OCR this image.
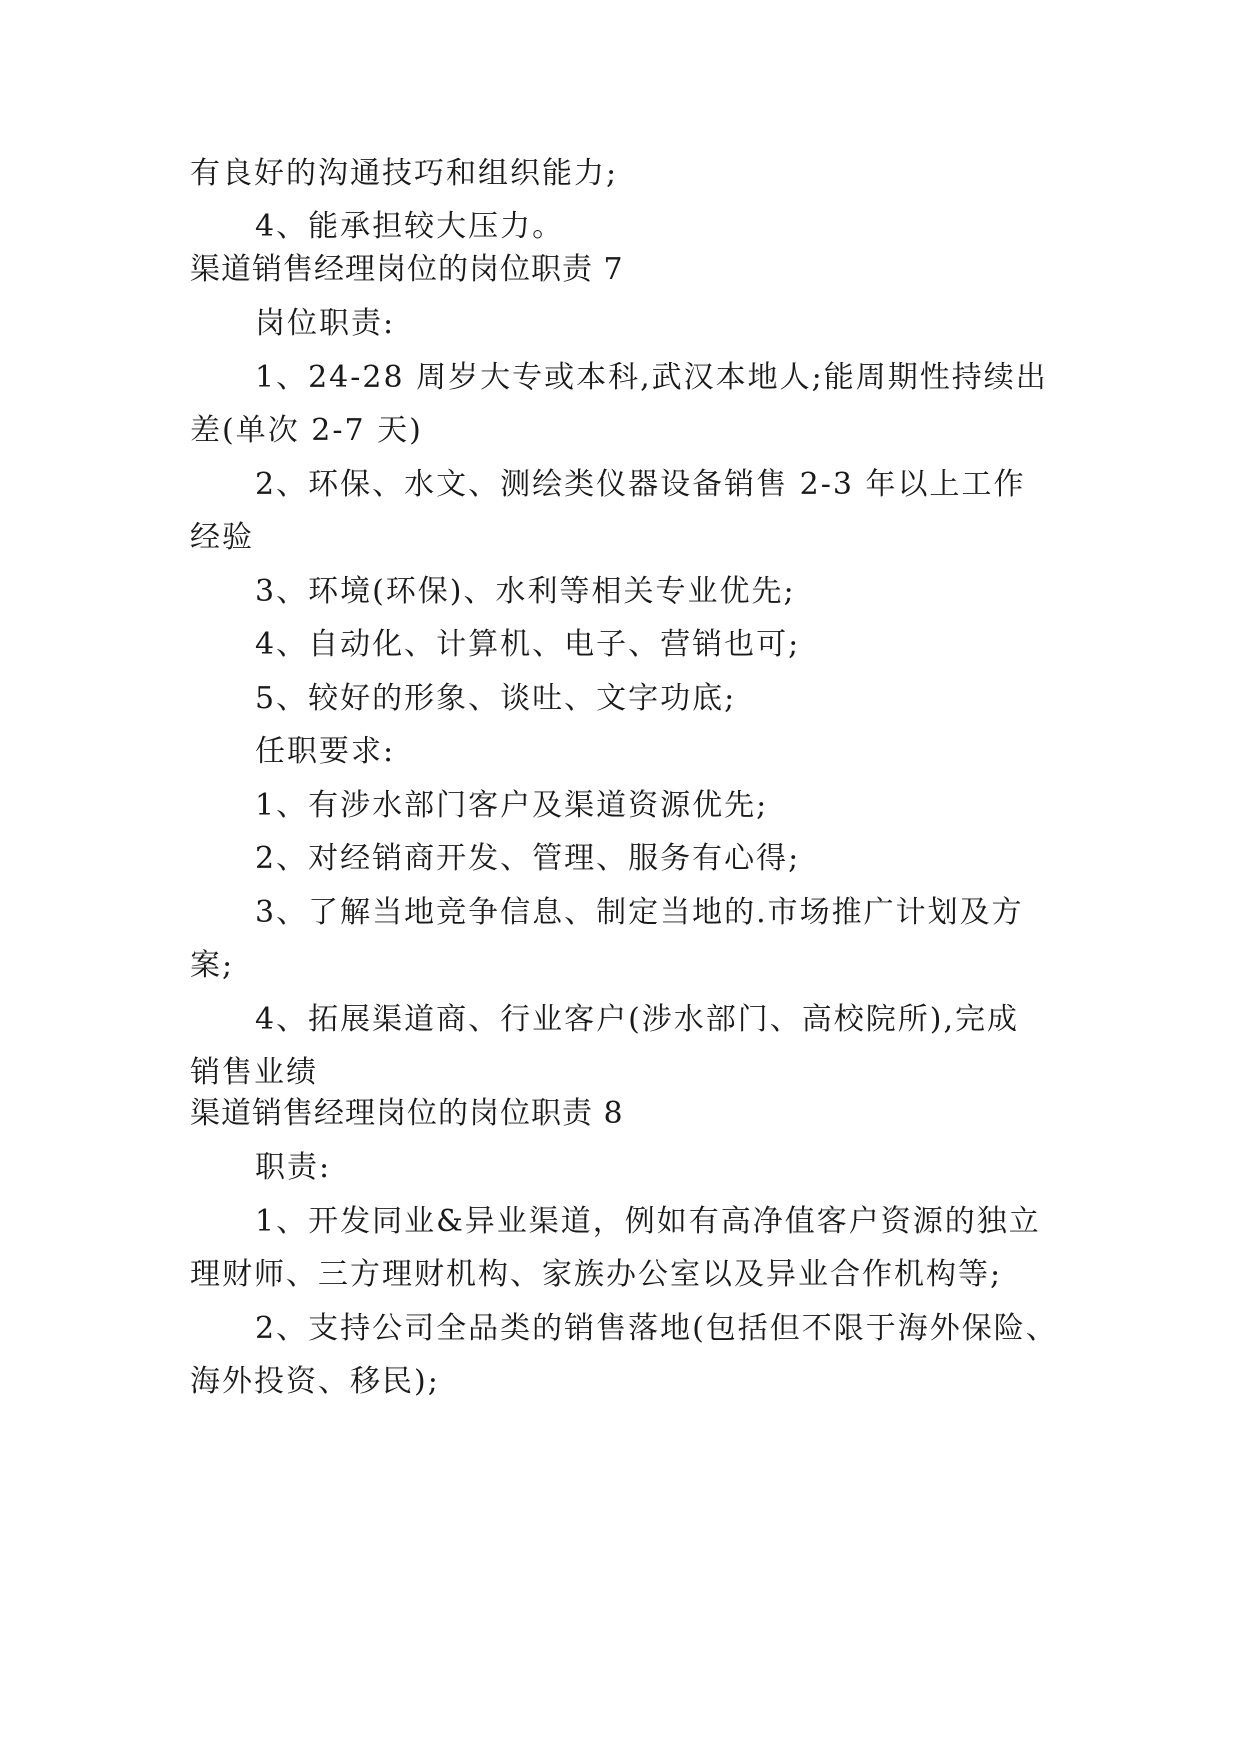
有良好的沟通技巧和组织能力;
4、能承担较大压力。
渠道销售经理岗位的岗位职责 7
岗位职责:
1、24-28 周岁大专或本科,武汉本地人;能周期性持续出
差(单次 2-7 天)
2、环保、水文、测绘类仪器设备销售 2-3 年以上工作
经验
3、环境(环保)、水利等相关专业优先;
4、自动化、计算机、电子、营销也可;
5、较好的形象、谈吐、文字功底;
任职要求:
1、有涉水部门客户及渠道资源优先;
2、对经销商开发、管理、服务有心得;
3、了解当地竞争信息、制定当地的.市场推广计划及方
案;
4、拓展渠道商、行业客户(涉水部门、高校院所),完成
销售业绩
渠道销售经理岗位的岗位职责 8
职责:
1、开发同业&异业渠道，例如有高净值客户资源的独立
理财师、三方理财机构、家族办公室以及异业合作机构等;
2、支持公司全品类的销售落地(包括但不限于海外保险、
海外投资、移民);
